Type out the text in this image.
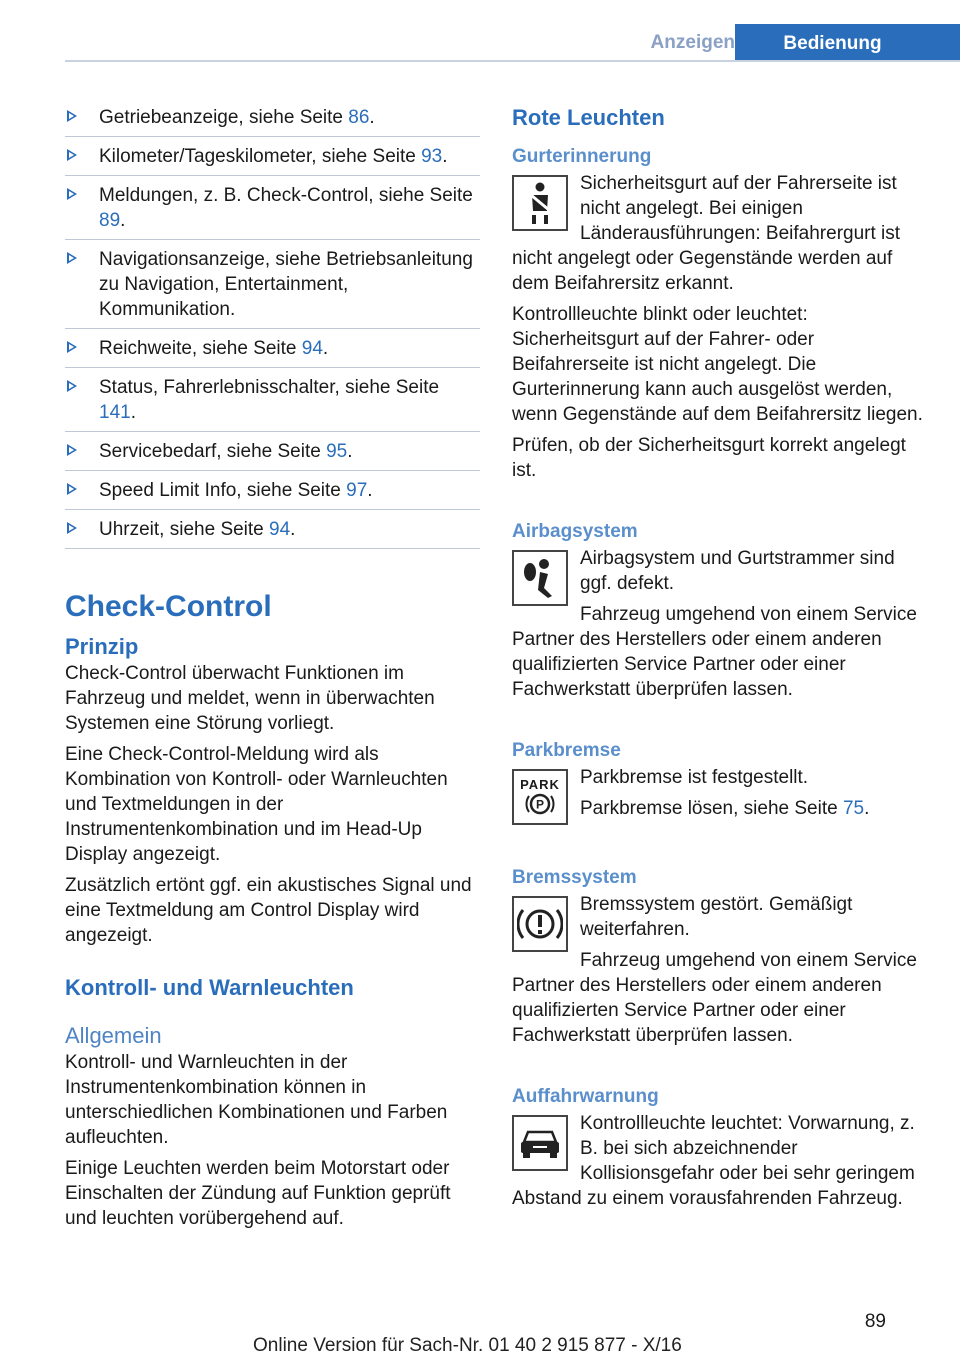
Anzeigen	Bedienung
Getriebeanzeige, siehe Seite 86.
Kilometer/Tageskilometer, siehe Seite 93.
Meldungen, z. B. Check-Control, siehe Seite 89.
Navigationsanzeige, siehe Betriebsanleitung zu Navigation, Entertainment, Kommunikation.
Reichweite, siehe Seite 94.
Status, Fahrerlebnisschalter, siehe Seite 141.
Servicebedarf, siehe Seite 95.
Speed Limit Info, siehe Seite 97.
Uhrzeit, siehe Seite 94.
Check-Control
Prinzip

Check-Control überwacht Funktionen im Fahrzeug und meldet, wenn in überwachten Systemen eine Störung vorliegt.

Eine Check-Control-Meldung wird als Kombination von Kontroll- oder Warnleuchten und Textmeldungen in der Instrumentenkombination und im Head-Up Display angezeigt.

Zusätzlich ertönt ggf. ein akustisches Signal und eine Textmeldung am Control Display wird angezeigt.

Kontroll- und Warnleuchten
Allgemein

Kontroll- und Warnleuchten in der Instrumentenkombination können in unterschiedlichen Kombinationen und Farben aufleuchten.

Einige Leuchten werden beim Motorstart oder Einschalten der Zündung auf Funktion geprüft und leuchten vorübergehend auf.

Rote Leuchten
Gurterinnerung

Sicherheitsgurt auf der Fahrerseite ist nicht angelegt. Bei einigen Länderausführungen: Beifahrergurt ist nicht angelegt oder Gegenstände werden auf dem Beifahrersitz erkannt.

Kontrollleuchte blinkt oder leuchtet: Sicherheitsgurt auf der Fahrer- oder Beifahrerseite ist nicht angelegt. Die Gurterinnerung kann auch ausgelöst werden, wenn Gegenstände auf dem Beifahrersitz liegen.

Prüfen, ob der Sicherheitsgurt korrekt angelegt ist.

Airbagsystem

Airbagsystem und Gurtstrammer sind ggf. defekt.

Fahrzeug umgehend von einem Service Partner des Herstellers oder einem anderen qualifizierten Service Partner oder einer Fachwerkstatt überprüfen lassen.

Parkbremse
PARK
P

Parkbremse ist festgestellt.

Parkbremse lösen, siehe Seite 75.

Bremssystem

Bremssystem gestört. Gemäßigt weiterfahren.

Fahrzeug umgehend von einem Service Partner des Herstellers oder einem anderen qualifizierten Service Partner oder einer Fachwerkstatt überprüfen lassen.

Auffahrwarnung

Kontrollleuchte leuchtet: Vorwarnung, z. B. bei sich abzeichnender Kollisionsgefahr oder bei sehr geringem Abstand zu einem vorausfahrenden Fahrzeug.

89
Online Version für Sach-Nr. 01 40 2 915 877 - X/16
